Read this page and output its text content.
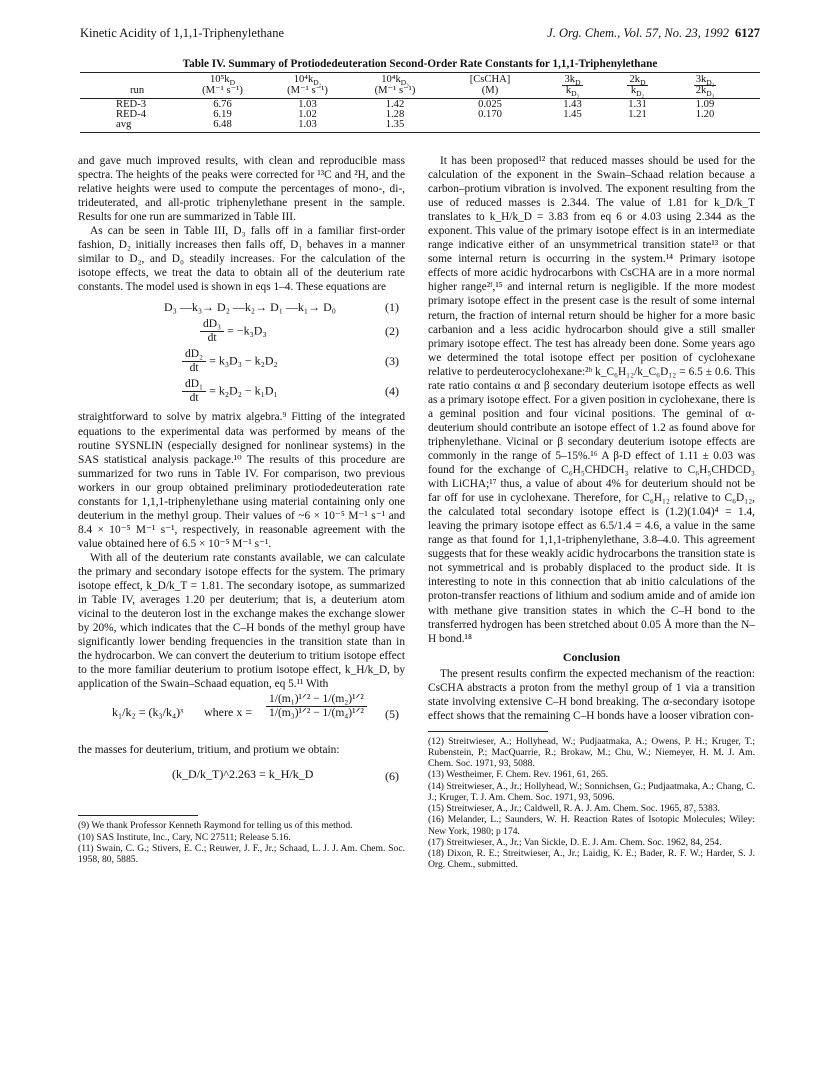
Kinetic Acidity of 1,1,1-Triphenylethane	J. Org. Chem., Vol. 57, No. 23, 1992 6127
Table IV. Summary of Protiodedeuteration Second-Order Rate Constants for 1,1,1-Triphenylethane
$10^5k_D$	$10^4k_{D_2}$	$10^4k_{D_3}$	[CsCHA]	$3k_D$	$2k_D$	$3k_{D_2}$
run	(M⁻¹ s⁻¹)	(M⁻¹ s⁻¹)	(M⁻¹ s⁻¹)	(M)	$k_{D_3}$	$k_{D_2}$	$2k_{D_3}$
RED-3	6.76	1.03	1.42	0.025	1.43	1.31	1.09
RED-4	6.19	1.02	1.28	0.170	1.45	1.21	1.20
avg	6.48	1.03	1.35

and gave much improved results, with clean and reproducible mass spectra. The heights of the peaks were corrected for ¹³C and ²H, and the relative heights were used to compute the percentages of mono-, di-, trideuterated, and all-protic triphenylethane present in the sample. Results for one run are summarized in Table III.

As can be seen in Table III, D₃ falls off in a familiar first-order fashion, D₂ initially increases then falls off, D₁ behaves in a manner similar to D₂, and D₀ steadily increases. For the calculation of the isotope effects, we treat the data to obtain all of the deuterium rate constants. The model used is shown in eqs 1–4. These equations are

D₃ —k₃→ D₂ —k₂→ D₁ —k₁→ D₀	(1)
$\frac{\text{dD₃}}{dt} = -k_3D_3$	(2)
$\frac{\text{dD₂}}{dt} = k_3D_3 - k_2D_2$	(3)
$\frac{\text{dD₁}}{dt} = k_2D_2 - k_1D_1$	(4)

straightforward to solve by matrix algebra.⁹ Fitting of the integrated equations to the experimental data was performed by means of the routine SYSNLIN (especially designed for nonlinear systems) in the SAS statistical analysis package.¹⁰ The results of this procedure are summarized for two runs in Table IV. For comparison, two previous workers in our group obtained preliminary protiodedeuteration rate constants for 1,1,1-triphenylethane using material containing only one deuterium in the methyl group. Their values of ~6 × 10⁻⁵ M⁻¹ s⁻¹ and 8.4 × 10⁻⁵ M⁻¹ s⁻¹, respectively, in reasonable agreement with the value obtained here of 6.5 × 10⁻⁵ M⁻¹ s⁻¹.

With all of the deuterium rate constants available, we can calculate the primary and secondary isotope effects for the system. The primary isotope effect, k_D/k_T = 1.81. The secondary isotope, as summarized in Table IV, averages 1.20 per deuterium; that is, a deuterium atom vicinal to the deuteron lost in the exchange makes the exchange slower by 20%, which indicates that the C–H bonds of the methyl group have significantly lower bending frequencies in the transition state than in the hydrocarbon. We can convert the deuterium to tritium isotope effect to the more familiar deuterium to protium isotope effect, k_H/k_D, by application of the Swain–Schaad equation, eq 5.¹¹ With

k₁/k₂ = (k₃/k₄)ˣ where x =
1/(m₁)¹ᐟ² − 1/(m₂)¹ᐟ²
1/(m₃)¹ᐟ² − 1/(m₄)¹ᐟ² (5)

the masses for deuterium, tritium, and protium we obtain:

(k_D/k_T)^2.263 = k_H/k_D	(6)
(9) We thank Professor Kenneth Raymond for telling us of this method.
(10) SAS Institute, Inc., Cary, NC 27511; Release 5.16.
(11) Swain, C. G.; Stivers, E. C.; Reuwer, J. F., Jr.; Schaad, L. J. J. Am. Chem. Soc. 1958, 80, 5885.

It has been proposed¹² that reduced masses should be used for the calculation of the exponent in the Swain–Schaad relation because a carbon–protium vibration is involved. The exponent resulting from the use of reduced masses is 2.344. The value of 1.81 for k_D/k_T translates to k_H/k_D = 3.83 from eq 6 or 4.03 using 2.344 as the exponent. This value of the primary isotope effect is in an intermediate range indicative either of an unsymmetrical transition state¹³ or that some internal return is occurring in the system.¹⁴ Primary isotope effects of more acidic hydrocarbons with CsCHA are in a more normal higher range²ᶠ,¹⁵ and internal return is negligible. If the more modest primary isotope effect in the present case is the result of some internal return, the fraction of internal return should be higher for a more basic carbanion and a less acidic hydrocarbon should give a still smaller primary isotope effect. The test has already been done. Some years ago we determined the total isotope effect per position of cyclohexane relative to perdeuterocyclohexane:²ᵇ k_C₆H₁₂/k_C₆D₁₂ = 6.5 ± 0.6. This rate ratio contains α and β secondary deuterium isotope effects as well as a primary isotope effect. For a given position in cyclohexane, there is a geminal position and four vicinal positions. The geminal of α-deuterium should contribute an isotope effect of 1.2 as found above for triphenylethane. Vicinal or β secondary deuterium isotope effects are commonly in the range of 5–15%.¹⁶ A β-D effect of 1.11 ± 0.03 was found for the exchange of C₆H₅CHDCH₃ relative to C₆H₅CHDCD₃ with LiCHA;¹⁷ thus, a value of about 4% for deuterium should not be far off for use in cyclohexane. Therefore, for C₆H₁₂ relative to C₆D₁₂, the calculated total secondary isotope effect is (1.2)(1.04)⁴ = 1.4, leaving the primary isotope effect as 6.5/1.4 = 4.6, a value in the same range as that found for 1,1,1-triphenylethane, 3.8–4.0. This agreement suggests that for these weakly acidic hydrocarbons the transition state is not symmetrical and is probably displaced to the product side. It is interesting to note in this connection that ab initio calculations of the proton-transfer reactions of lithium and sodium amide and of amide ion with methane give transition states in which the C–H bond to the transferred hydrogen has been stretched about 0.05 Å more than the N–H bond.¹⁸

Conclusion

The present results confirm the expected mechanism of the reaction: CsCHA abstracts a proton from the methyl group of 1 via a transition state involving extensive C–H bond breaking. The α-secondary isotope effect shows that the remaining C–H bonds have a looser vibration con-

(12) Streitwieser, A.; Hollyhead, W.; Pudjaatmaka, A.; Owens, P. H.; Kruger, T.; Rubenstein, P.; MacQuarrie, R.; Brokaw, M.; Chu, W.; Niemeyer, H. M. J. Am. Chem. Soc. 1971, 93, 5088.
(13) Westheimer, F. Chem. Rev. 1961, 61, 265.
(14) Streitwieser, A., Jr.; Hollyhead, W.; Sonnichsen, G.; Pudjaatmaka, A.; Chang, C. J.; Kruger, T. J. Am. Chem. Soc. 1971, 93, 5096.
(15) Streitwieser, A., Jr.; Caldwell, R. A. J. Am. Chem. Soc. 1965, 87, 5383.
(16) Melander, L.; Saunders, W. H. Reaction Rates of Isotopic Molecules; Wiley: New York, 1980; p 174.
(17) Streitwieser, A., Jr.; Van Sickle, D. E. J. Am. Chem. Soc. 1962, 84, 254.
(18) Dixon, R. E.; Streitwieser, A., Jr.; Laidig, K. E.; Bader, R. F. W.; Harder, S. J. Org. Chem., submitted.
